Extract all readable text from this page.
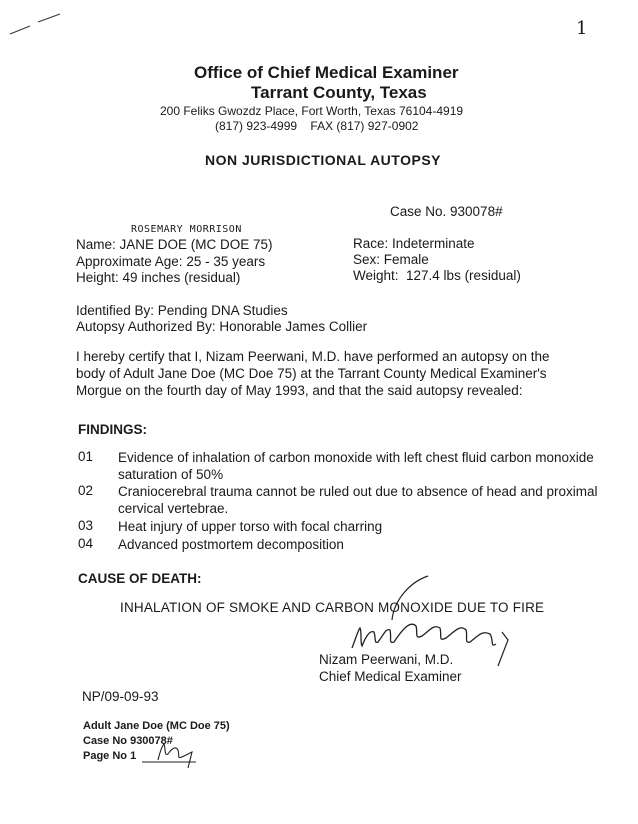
1
Office of Chief Medical Examiner
Tarrant County, Texas
200 Feliks Gwozdz Place, Fort Worth, Texas 76104-4919
(817) 923-4999    FAX (817) 927-0902
NON JURISDICTIONAL AUTOPSY
Case No. 930078#
ROSEMARY MORRISON
Name: JANE DOE (MC DOE 75)
Approximate Age: 25 - 35 years
Height: 49 inches (residual)
Race: Indeterminate
Sex: Female
Weight:  127.4 lbs (residual)
Identified By: Pending DNA Studies
Autopsy Authorized By: Honorable James Collier
I hereby certify that I, Nizam Peerwani, M.D. have performed an autopsy on the
body of Adult Jane Doe (MC Doe 75) at the Tarrant County Medical Examiner's
Morgue on the fourth day of May 1993, and that the said autopsy revealed:
FINDINGS:
01 Evidence of inhalation of carbon monoxide with left chest fluid carbon monoxide saturation of 50%
02 Craniocerebral trauma cannot be ruled out due to absence of head and proximal cervical vertebrae.
03 Heat injury of upper torso with focal charring
04 Advanced postmortem decomposition
CAUSE OF DEATH:
INHALATION OF SMOKE AND CARBON MONOXIDE DUE TO FIRE
Nizam Peerwani, M.D.
Chief Medical Examiner
NP/09-09-93
Adult Jane Doe (MC Doe 75)
Case No 930078#
Page No 1
